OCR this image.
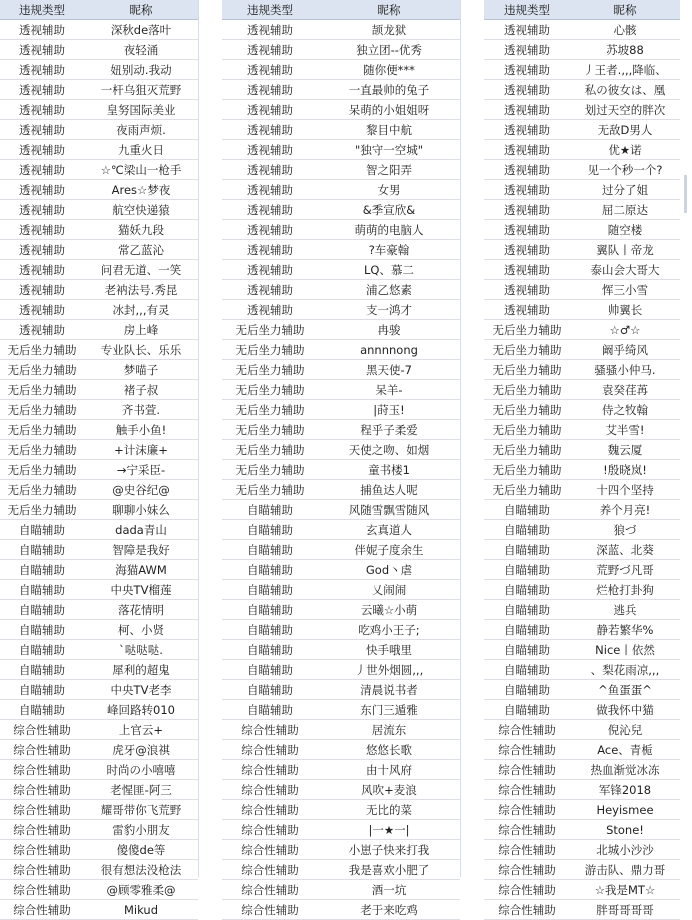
违规类型	昵称
透视辅助	深秋de落叶
透视辅助	夜轻涌
透视辅助	妞别动.我动
透视辅助	一杆乌狙灭荒野
透视辅助	皇努国际美业
透视辅助	夜雨声烦.
透视辅助	九重火日
透视辅助	☆℃梁山一枪手
透视辅助	Ares☆梦夜
透视辅助	航空快递猿
透视辅助	猫妖九段
透视辅助	常乙蓝沁
透视辅助	问君无道、一笑
透视辅助	老衲法号.秀昆
透视辅助	冰封,,,有灵
透视辅助	房上峰
无后坐力辅助	专业队长、乐乐
无后坐力辅助	梦喵子
无后坐力辅助	褚子叔
无后坐力辅助	齐书萱.
无后坐力辅助	触手小鱼!
无后坐力辅助	+计沫廉+
无后坐力辅助	→宁采臣-
无后坐力辅助	@史谷纪@
无后坐力辅助	聊聊小妹么
自瞄辅助	dada青山
自瞄辅助	智障是我好
自瞄辅助	海猫AWM
自瞄辅助	中央TV榴莲
自瞄辅助	落花情明
自瞄辅助	柯、小贤
自瞄辅助	`哒哒哒.
自瞄辅助	犀利的超鬼
自瞄辅助	中央TV老李
自瞄辅助	峰回路转010
综合性辅助	上官云+
综合性辅助	虎牙@浪祺
综合性辅助	时尚の小嘻嘻
综合性辅助	老惺匪-阿三
综合性辅助	耀哥带你飞荒野
综合性辅助	雷豹小朋友
综合性辅助	傻傻de等
综合性辅助	很有想法没枪法
综合性辅助	@顾零雅柔@
综合性辅助	Mikud
违规类型	昵称
透视辅助	颉龙狱
透视辅助	独立团--优秀
透视辅助	随你便***
透视辅助	一直最帅的兔子
透视辅助	呆萌的小姐姐呀
透视辅助	黎目中航
透视辅助	"独守一空城"
透视辅助	智之阳弄
透视辅助	女男
透视辅助	&季宣欣&
透视辅助	萌萌的电脑人
透视辅助	?车豪翰
透视辅助	LQ、慕二
透视辅助	浦乙悠素
透视辅助	支一鸿才
无后坐力辅助	冉骏
无后坐力辅助	annnnong
无后坐力辅助	黑天使-7
无后坐力辅助	呆羊-
无后坐力辅助	|莳玉!
无后坐力辅助	程乎子柔爱
无后坐力辅助	天使之吻、如烟
无后坐力辅助	童书楼1
无后坐力辅助	捕鱼达人呢
自瞄辅助	风随雪飘雪随风
自瞄辅助	玄真道人
自瞄辅助	伴妮子度余生
自瞄辅助	God丶虐
自瞄辅助	乂闹闹
自瞄辅助	云曦☆小萌
自瞄辅助	吃鸡小王子;
自瞄辅助	快手哦里
自瞄辅助	丿世外烟圆,,,
自瞄辅助	清晨说书者
自瞄辅助	东门三遁雅
综合性辅助	居流东
综合性辅助	悠悠长歌
综合性辅助	由十风府
综合性辅助	风吹+麦浪
综合性辅助	无比的菜
综合性辅助	|一★一|
综合性辅助	小崽子快来打我
综合性辅助	我是喜欢小肥了
综合性辅助	酒一坑
综合性辅助	老于来吃鸡
违规类型	昵称
透视辅助	心骸
透视辅助	苏坡88
透视辅助	丿王者.,,,降临、
透视辅助	私の彼女は、凰
透视辅助	划过天空的胖次
透视辅助	无敌D男人
透视辅助	优★诺
透视辅助	见一个秒一个?
透视辅助	过分了姐
透视辅助	屈二原达
透视辅助	随空楼
透视辅助	翼队丨帝龙
透视辅助	泰山会大哥大
透视辅助	恽三小雪
透视辅助	帅翼长
无后坐力辅助	☆♂☆
无后坐力辅助	阚乎绮风
无后坐力辅助	骚骚小仲马.
无后坐力辅助	袁癸荏苒
无后坐力辅助	侍之牧翰
无后坐力辅助	艾半雪!
无后坐力辅助	魏云厦
无后坐力辅助	!殷晓岚!
无后坐力辅助	十四个坚持
自瞄辅助	养个月亮!
自瞄辅助	狼づ
自瞄辅助	深蓝、北葵
自瞄辅助	荒野づ凡哥
自瞄辅助	烂枪打卦狗
自瞄辅助	逃兵
自瞄辅助	静若繁华%
自瞄辅助	Nice丨依然
自瞄辅助	、梨花雨凉,,,
自瞄辅助	^鱼蛋蛋^
自瞄辅助	做我怀中猫
综合性辅助	倪沁兒
综合性辅助	Ace、青栀
综合性辅助	热血渐觉冰冻
综合性辅助	军锋2018
综合性辅助	Heyismee
综合性辅助	Stone!
综合性辅助	北城小沙沙
综合性辅助	游击队、鼎力哥
综合性辅助	☆我是MT☆
综合性辅助	胖哥哥哥哥
